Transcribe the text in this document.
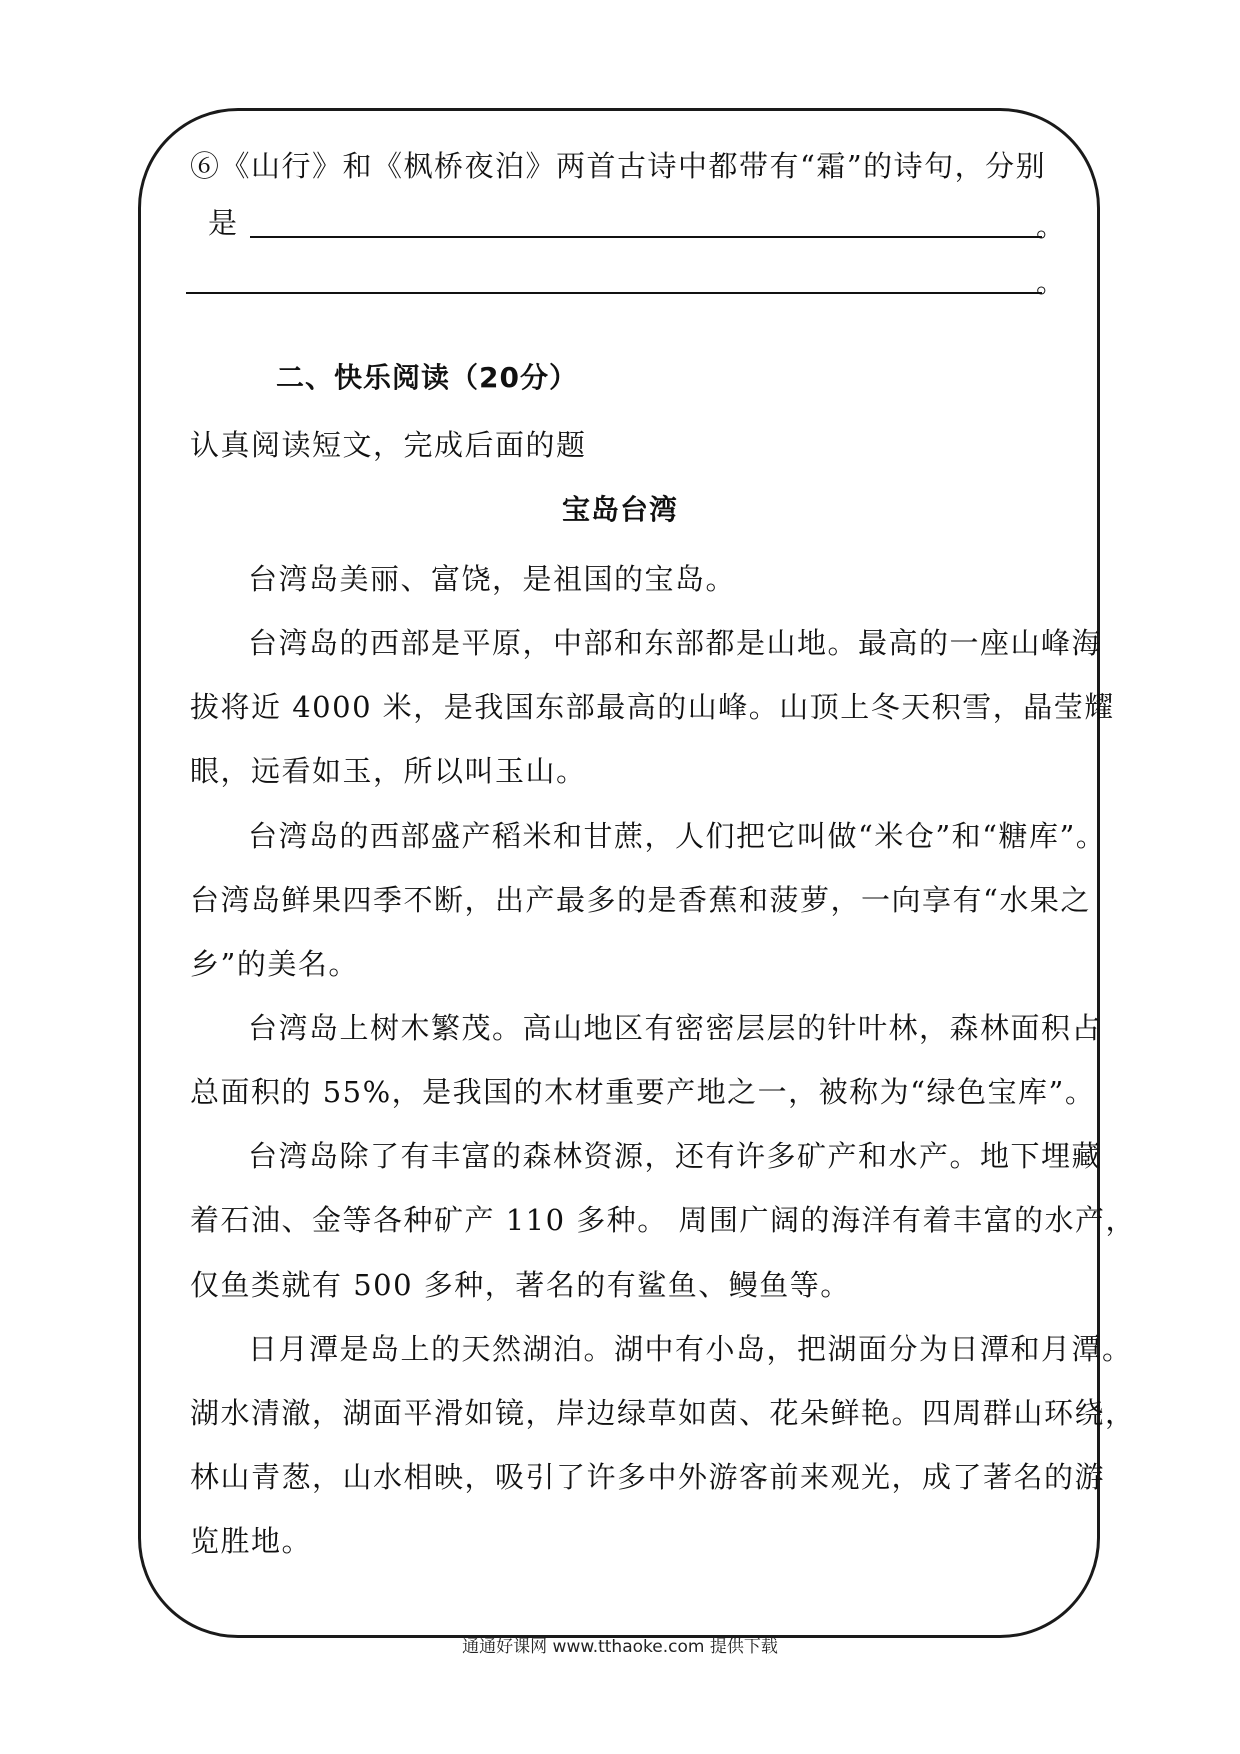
⑥《山行》和《枫桥夜泊》两首古诗中都带有“霜”的诗句，分别
是	。
。
二、快乐阅读（20分）
认真阅读短文，完成后面的题
宝岛台湾
台湾岛美丽、富饶，是祖国的宝岛。
台湾岛的西部是平原，中部和东部都是山地。最高的一座山峰海
拔将近 4000 米，是我国东部最高的山峰。山顶上冬天积雪，晶莹耀
眼，远看如玉，所以叫玉山。
台湾岛的西部盛产稻米和甘蔗，人们把它叫做“米仓”和“糖库”。
台湾岛鲜果四季不断，出产最多的是香蕉和菠萝，一向享有“水果之
乡”的美名。
台湾岛上树木繁茂。高山地区有密密层层的针叶林，森林面积占
总面积的 55%，是我国的木材重要产地之一，被称为“绿色宝库”。
台湾岛除了有丰富的森林资源，还有许多矿产和水产。地下埋藏
着石油、金等各种矿产 110 多种。 周围广阔的海洋有着丰富的水产，
仅鱼类就有 500 多种，著名的有鲨鱼、鳗鱼等。
日月潭是岛上的天然湖泊。湖中有小岛，把湖面分为日潭和月潭。
湖水清澈，湖面平滑如镜，岸边绿草如茵、花朵鲜艳。四周群山环绕，
林山青葱，山水相映，吸引了许多中外游客前来观光，成了著名的游
览胜地。
通通好课网 www.tthaoke.com 提供下载
